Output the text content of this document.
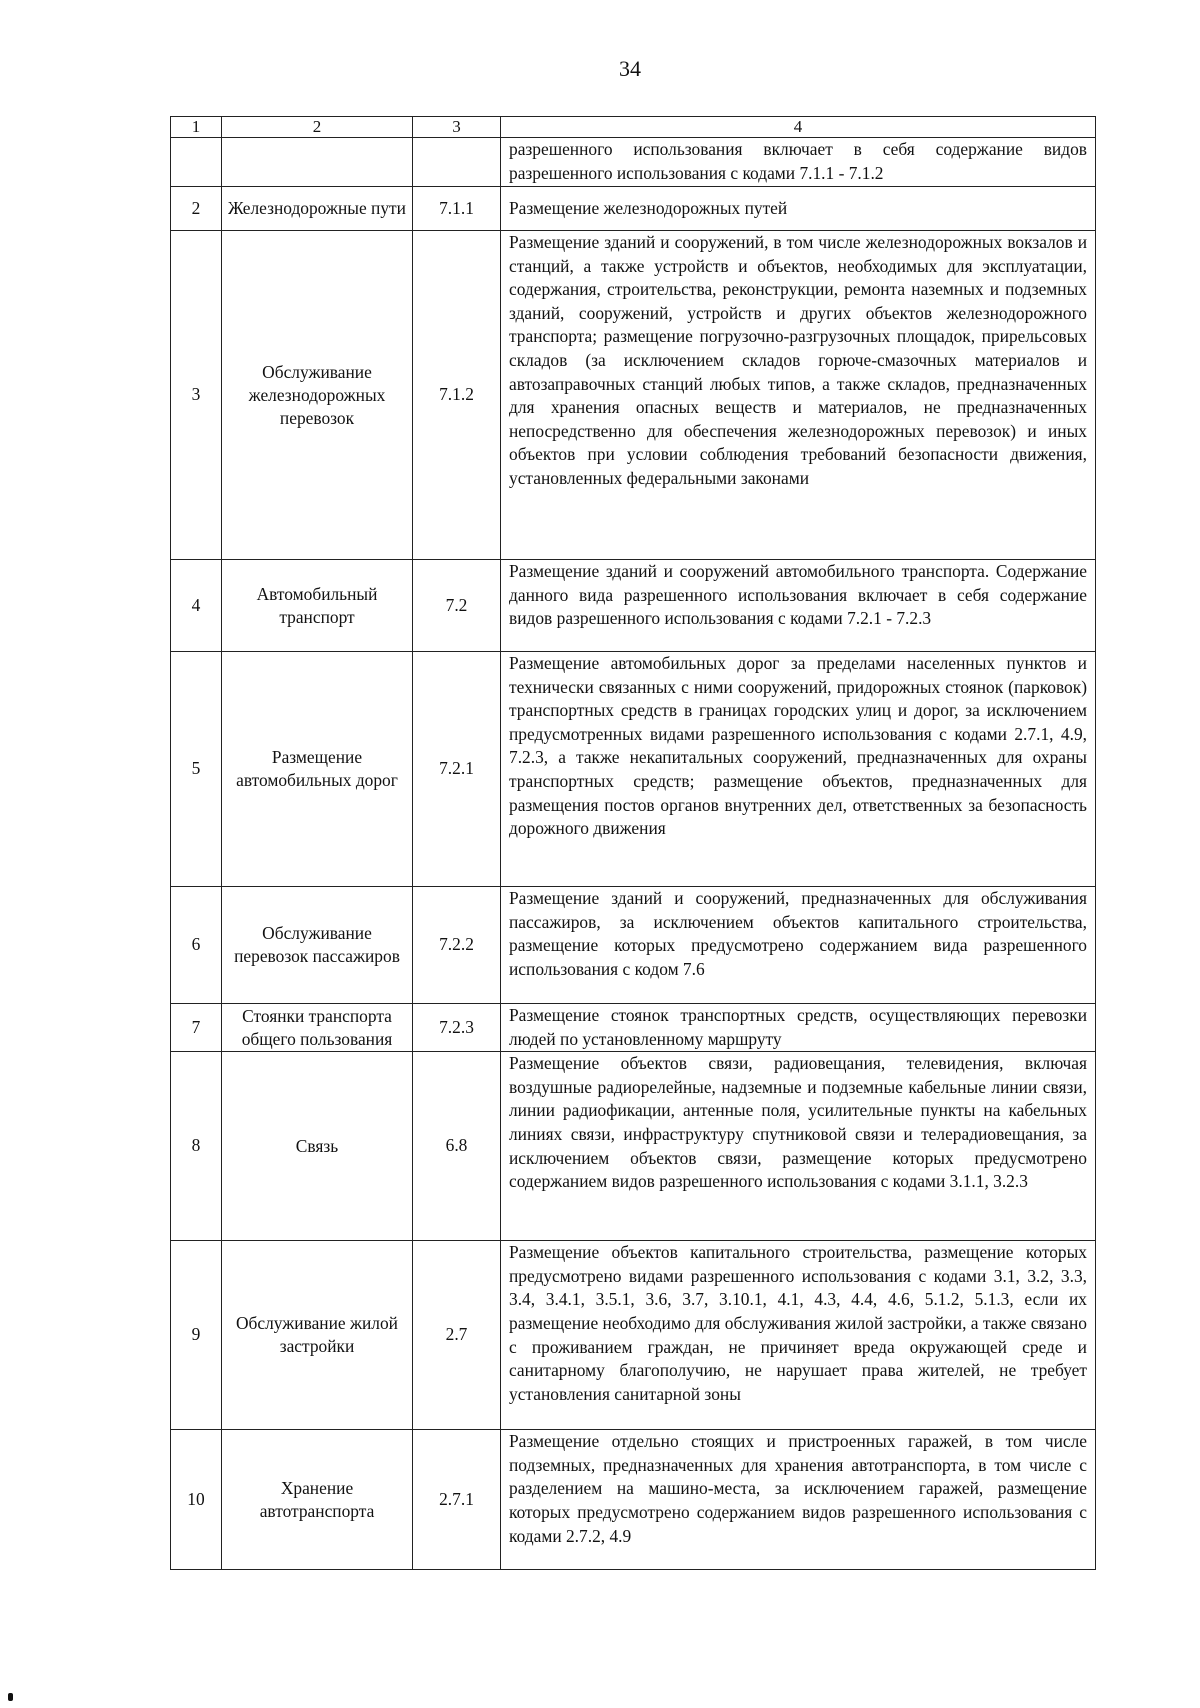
34
1	2	3	4
			разрешенного использования включает в себя содержание видов разрешенного использования с кодами 7.1.1 - 7.1.2
2	Железнодорожные пути	7.1.1	Размещение железнодорожных путей
3	Обслуживание железнодорожных перевозок	7.1.2	Размещение зданий и сооружений, в том числе железнодорожных вокзалов и станций, а также устройств и объектов, необходимых для эксплуатации, содержания, строительства, реконструкции, ремонта наземных и подземных зданий, сооружений, устройств и других объектов железнодорожного транспорта; размещение погрузочно-разгрузочных площадок, прирельсовых складов (за исключением складов горюче-смазочных материалов и автозаправочных станций любых типов, а также складов, предназначенных для хранения опасных веществ и материалов, не предназначенных непосредственно для обеспечения железнодорожных перевозок) и иных объектов при условии соблюдения требований безопасности движения, установленных федеральными законами
4	Автомобильный транспорт	7.2	Размещение зданий и сооружений автомобильного транспорта. Содержание данного вида разрешенного использования включает в себя содержание видов разрешенного использования с кодами 7.2.1 - 7.2.3
5	Размещение автомобильных дорог	7.2.1	Размещение автомобильных дорог за пределами населенных пунктов и технически связанных с ними сооружений, придорожных стоянок (парковок) транспортных средств в границах городских улиц и дорог, за исключением предусмотренных видами разрешенного использования с кодами 2.7.1, 4.9, 7.2.3, а также некапитальных сооружений, предназначенных для охраны транспортных средств; размещение объектов, предназначенных для размещения постов органов внутренних дел, ответственных за безопасность дорожного движения
6	Обслуживание перевозок пассажиров	7.2.2	Размещение зданий и сооружений, предназначенных для обслуживания пассажиров, за исключением объектов капитального строительства, размещение которых предусмотрено содержанием вида разрешенного использования с кодом 7.6
7	Стоянки транспорта общего пользования	7.2.3	Размещение стоянок транспортных средств, осуществляющих перевозки людей по установленному маршруту
8	Связь	6.8	Размещение объектов связи, радиовещания, телевидения, включая воздушные радиорелейные, надземные и подземные кабельные линии связи, линии радиофикации, антенные поля, усилительные пункты на кабельных линиях связи, инфраструктуру спутниковой связи и телерадиовещания, за исключением объектов связи, размещение которых предусмотрено содержанием видов разрешенного использования с кодами 3.1.1, 3.2.3
9	Обслуживание жилой застройки	2.7	Размещение объектов капитального строительства, размещение которых предусмотрено видами разрешенного использования с кодами 3.1, 3.2, 3.3, 3.4, 3.4.1, 3.5.1, 3.6, 3.7, 3.10.1, 4.1, 4.3, 4.4, 4.6, 5.1.2, 5.1.3, если их размещение необходимо для обслуживания жилой застройки, а также связано с проживанием граждан, не причиняет вреда окружающей среде и санитарному благополучию, не нарушает права жителей, не требует установления санитарной зоны
10	Хранение автотранспорта	2.7.1	Размещение отдельно стоящих и пристроенных гаражей, в том числе подземных, предназначенных для хранения автотранспорта, в том числе с разделением на машино-места, за исключением гаражей, размещение которых предусмотрено содержанием видов разрешенного использования с кодами 2.7.2, 4.9
